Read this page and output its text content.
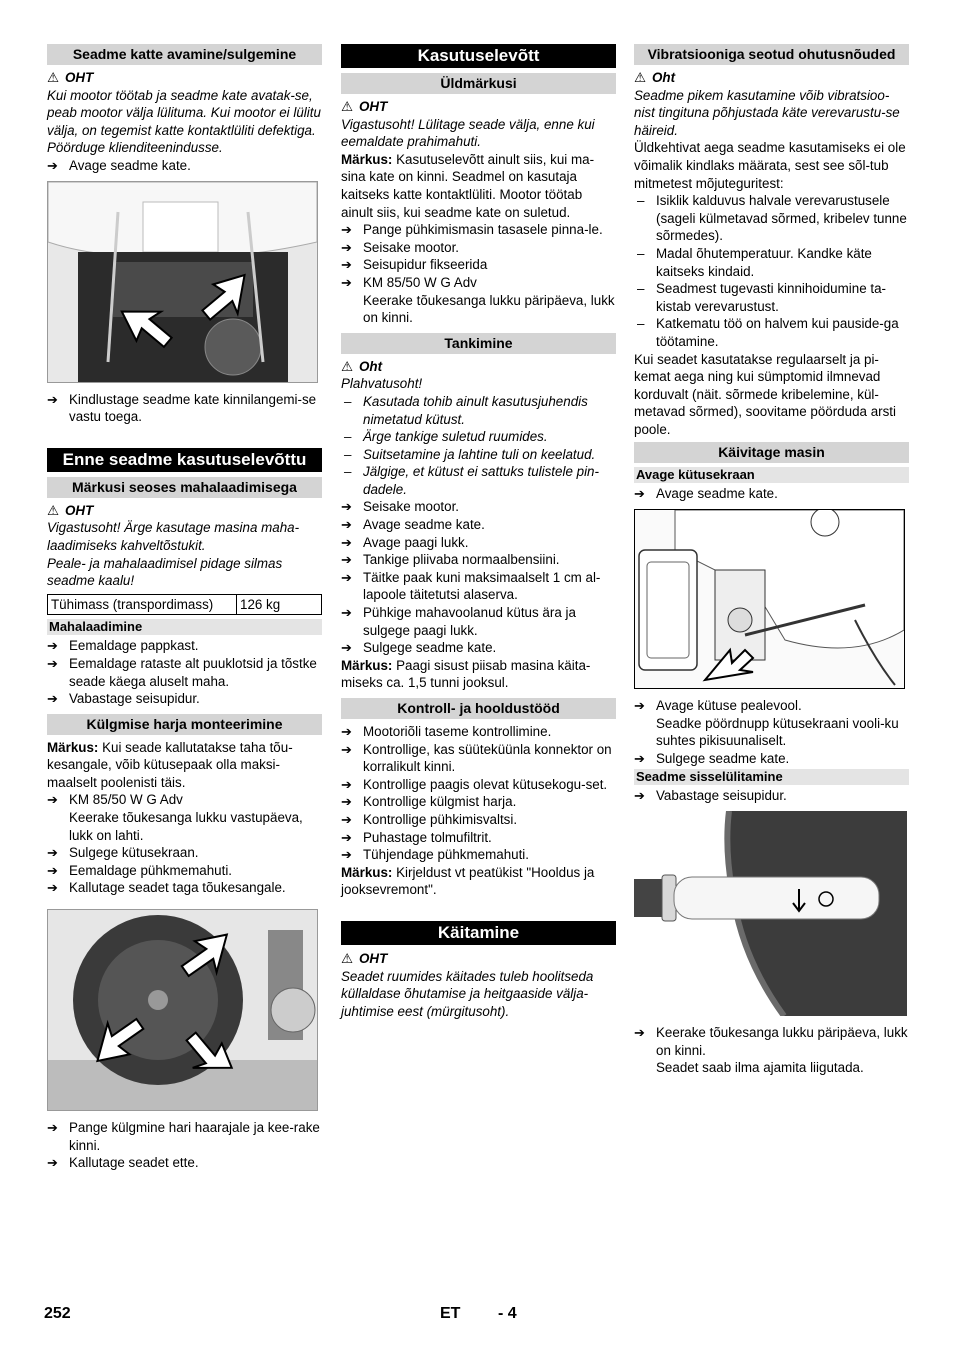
Seadme katte avamine/sulgemine
⚠ OHT

Kui mootor töötab ja seadme kate avatak-se, peab mootor välja lülituma. Kui mootor ei lülitu välja, on tegemist katte kontaktlüliti defektiga. Pöörduge klienditeenindusse.

➔ Avage seadme kate.

➔ Kindlustage seadme kate kinnilangemi-se vastu toega.

Enne seadme kasutuselevõttu
Märkusi seoses mahalaadimisega
⚠ OHT

Vigastusoht! Ärge kasutage masina maha-laadimiseks kahveltõstukit.

Peale- ja mahalaadimisel pidage silmas seadme kaalu!

Tühimass (transpordimass)	126 kg
Mahalaadimine

➔ Eemaldage pappkast.

➔ Eemaldage rataste alt puuklotsid ja tõstke seade käega aluselt maha.

➔ Vabastage seisupidur.

Külgmise harja monteerimine

Märkus: Kui seade kallutatakse taha tõu-kesangale, võib kütusepaak olla maksi-maalselt poolenisti täis.

➔ KM 85/50 W G Adv

Keerake tõukesanga lukku vastupäeva, lukk on lahti.

➔ Sulgege kütusekraan.

➔ Eemaldage pühkmemahuti.

➔ Kallutage seadet taga tõukesangale.

➔ Pange külgmine hari haarajale ja kee-rake kinni.

➔ Kallutage seadet ette.

Kasutuselevõtt
Üldmärkusi
⚠ OHT

Vigastusoht! Lülitage seade välja, enne kui eemaldate prahimahuti.

Märkus: Kasutuselevõtt ainult siis, kui ma-sina kate on kinni. Seadmel on kasutaja kaitseks katte kontaktlüliti. Mootor töötab ainult siis, kui seadme kate on suletud.

➔ Pange pühkimismasin tasasele pinna-le.

➔ Seisake mootor.

➔ Seisupidur fikseerida

➔ KM 85/50 W G Adv

Keerake tõukesanga lukku päripäeva, lukk on kinni.

Tankimine
⚠ Oht

Plahvatusoht!

– Kasutada tohib ainult kasutusjuhendis nimetatud kütust.

– Ärge tankige suletud ruumides.

– Suitsetamine ja lahtine tuli on keelatud.

– Jälgige, et kütust ei sattuks tulistele pin-dadele.

➔ Seisake mootor.

➔ Avage seadme kate.

➔ Avage paagi lukk.

➔ Tankige pliivaba normaalbensiini.

➔ Täitke paak kuni maksimaalselt 1 cm al-lapoole täitetutsi alaserva.

➔ Pühkige mahavoolanud kütus ära ja sulgege paagi lukk.

➔ Sulgege seadme kate.

Märkus: Paagi sisust piisab masina käita-miseks ca. 1,5 tunni jooksul.

Kontroll- ja hooldustööd

➔ Mootoriõli taseme kontrollimine.

➔ Kontrollige, kas süüteküünla konnektor on korralikult kinni.

➔ Kontrollige paagis olevat kütusekogu-set.

➔ Kontrollige külgmist harja.

➔ Kontrollige pühkimisvaltsi.

➔ Puhastage tolmufiltrit.

➔ Tühjendage pühkmemahuti.

Märkus: Kirjeldust vt peatükist "Hooldus ja jooksevremont".

Käitamine
⚠ OHT

Seadet ruumides käitades tuleb hoolitseda küllaldase õhutamise ja heitgaaside välja-juhtimise eest (mürgitusoht).

Vibratsiooniga seotud ohutusnõuded
⚠ Oht

Seadme pikem kasutamine võib vibratsioo-nist tingituna põhjustada käte verevarustu-se häireid.

Üldkehtivat aega seadme kasutamiseks ei ole võimalik kindlaks määrata, sest see sõl-tub mitmetest mõjuteguritest:

– Isiklik kalduvus halvale verevarustusele (sageli külmetavad sõrmed, kribelev tunne sõrmedes).

– Madal õhutemperatuur. Kandke käte kaitseks kindaid.

– Seadmest tugevasti kinnihoidumine ta-kistab verevarustust.

– Katkematu töö on halvem kui pauside-ga töötamine.

Kui seadet kasutatakse regulaarselt ja pi-kemat aega ning kui sümptomid ilmnevad korduvalt (näit. sõrmede kribelemine, kül-metavad sõrmed), soovitame pöörduda arsti poole.

Käivitage masin
Avage kütusekraan

➔ Avage seadme kate.

➔ Avage kütuse pealevool.

Seadke pöördnupp kütusekraani vooli-ku suhtes pikisuunaliselt.

➔ Sulgege seadme kate.

Seadme sisselülitamine

➔ Vabastage seisupidur.

➔ Keerake tõukesanga lukku päripäeva, lukk on kinni.

Seadet saab ilma ajamita liigutada.

252	ET - 4
